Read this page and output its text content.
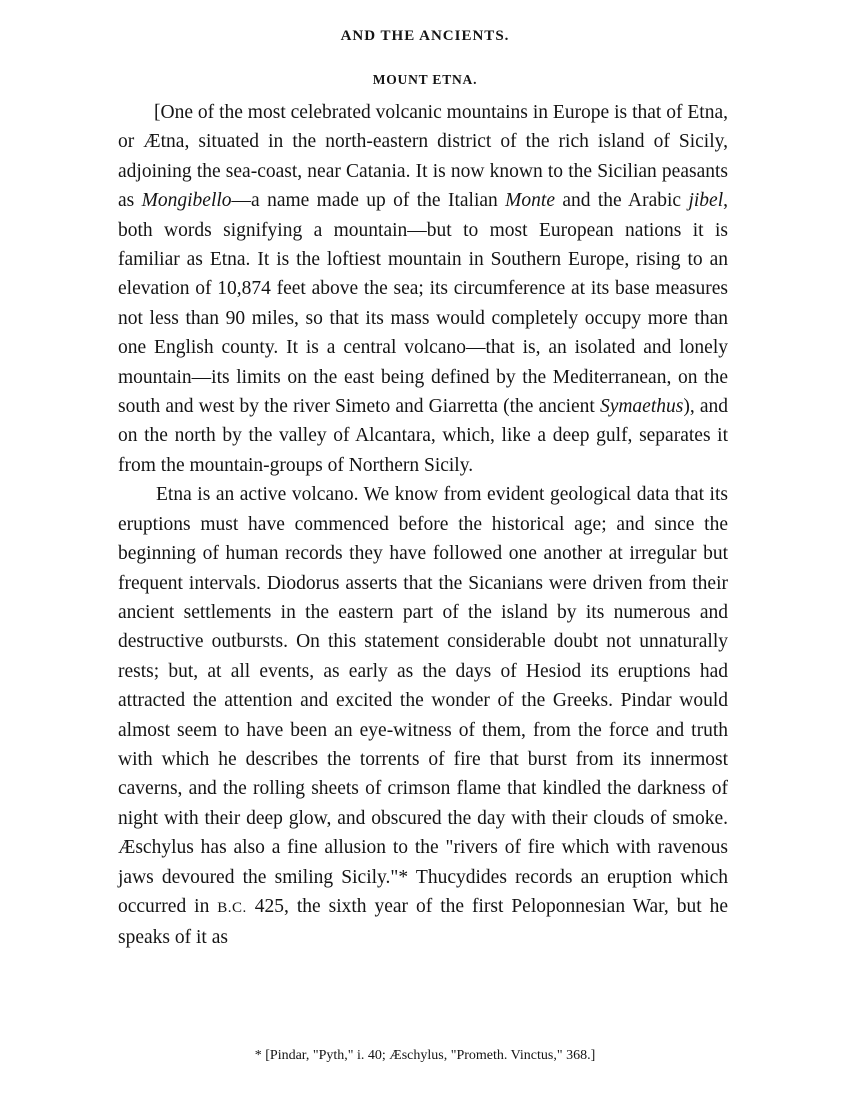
AND THE ANCIENTS.
MOUNT ETNA.

[One of the most celebrated volcanic mountains in Europe is that of Etna, or Ætna, situated in the north-eastern district of the rich island of Sicily, adjoining the sea-coast, near Catania. It is now known to the Sicilian peasants as Mongibello—a name made up of the Italian Monte and the Arabic jibel, both words signifying a mountain—but to most European nations it is familiar as Etna. It is the loftiest mountain in Southern Europe, rising to an elevation of 10,874 feet above the sea; its circumference at its base measures not less than 90 miles, so that its mass would completely occupy more than one English county. It is a central volcano—that is, an isolated and lonely mountain—its limits on the east being defined by the Mediterranean, on the south and west by the river Simeto and Giarretta (the ancient Symaethus), and on the north by the valley of Alcantara, which, like a deep gulf, separates it from the mountain-groups of Northern Sicily.

Etna is an active volcano. We know from evident geological data that its eruptions must have commenced before the historical age; and since the beginning of human records they have followed one another at irregular but frequent intervals. Diodorus asserts that the Sicanians were driven from their ancient settlements in the eastern part of the island by its numerous and destructive outbursts. On this statement considerable doubt not unnaturally rests; but, at all events, as early as the days of Hesiod its eruptions had attracted the attention and excited the wonder of the Greeks. Pindar would almost seem to have been an eye-witness of them, from the force and truth with which he describes the torrents of fire that burst from its innermost caverns, and the rolling sheets of crimson flame that kindled the darkness of night with their deep glow, and obscured the day with their clouds of smoke. Æschylus has also a fine allusion to the "rivers of fire which with ravenous jaws devoured the smiling Sicily."* Thucydides records an eruption which occurred in B.C. 425, the sixth year of the first Peloponnesian War, but he speaks of it as

* [Pindar, "Pyth," i. 40; Æschylus, "Prometh. Vinctus," 368.]
